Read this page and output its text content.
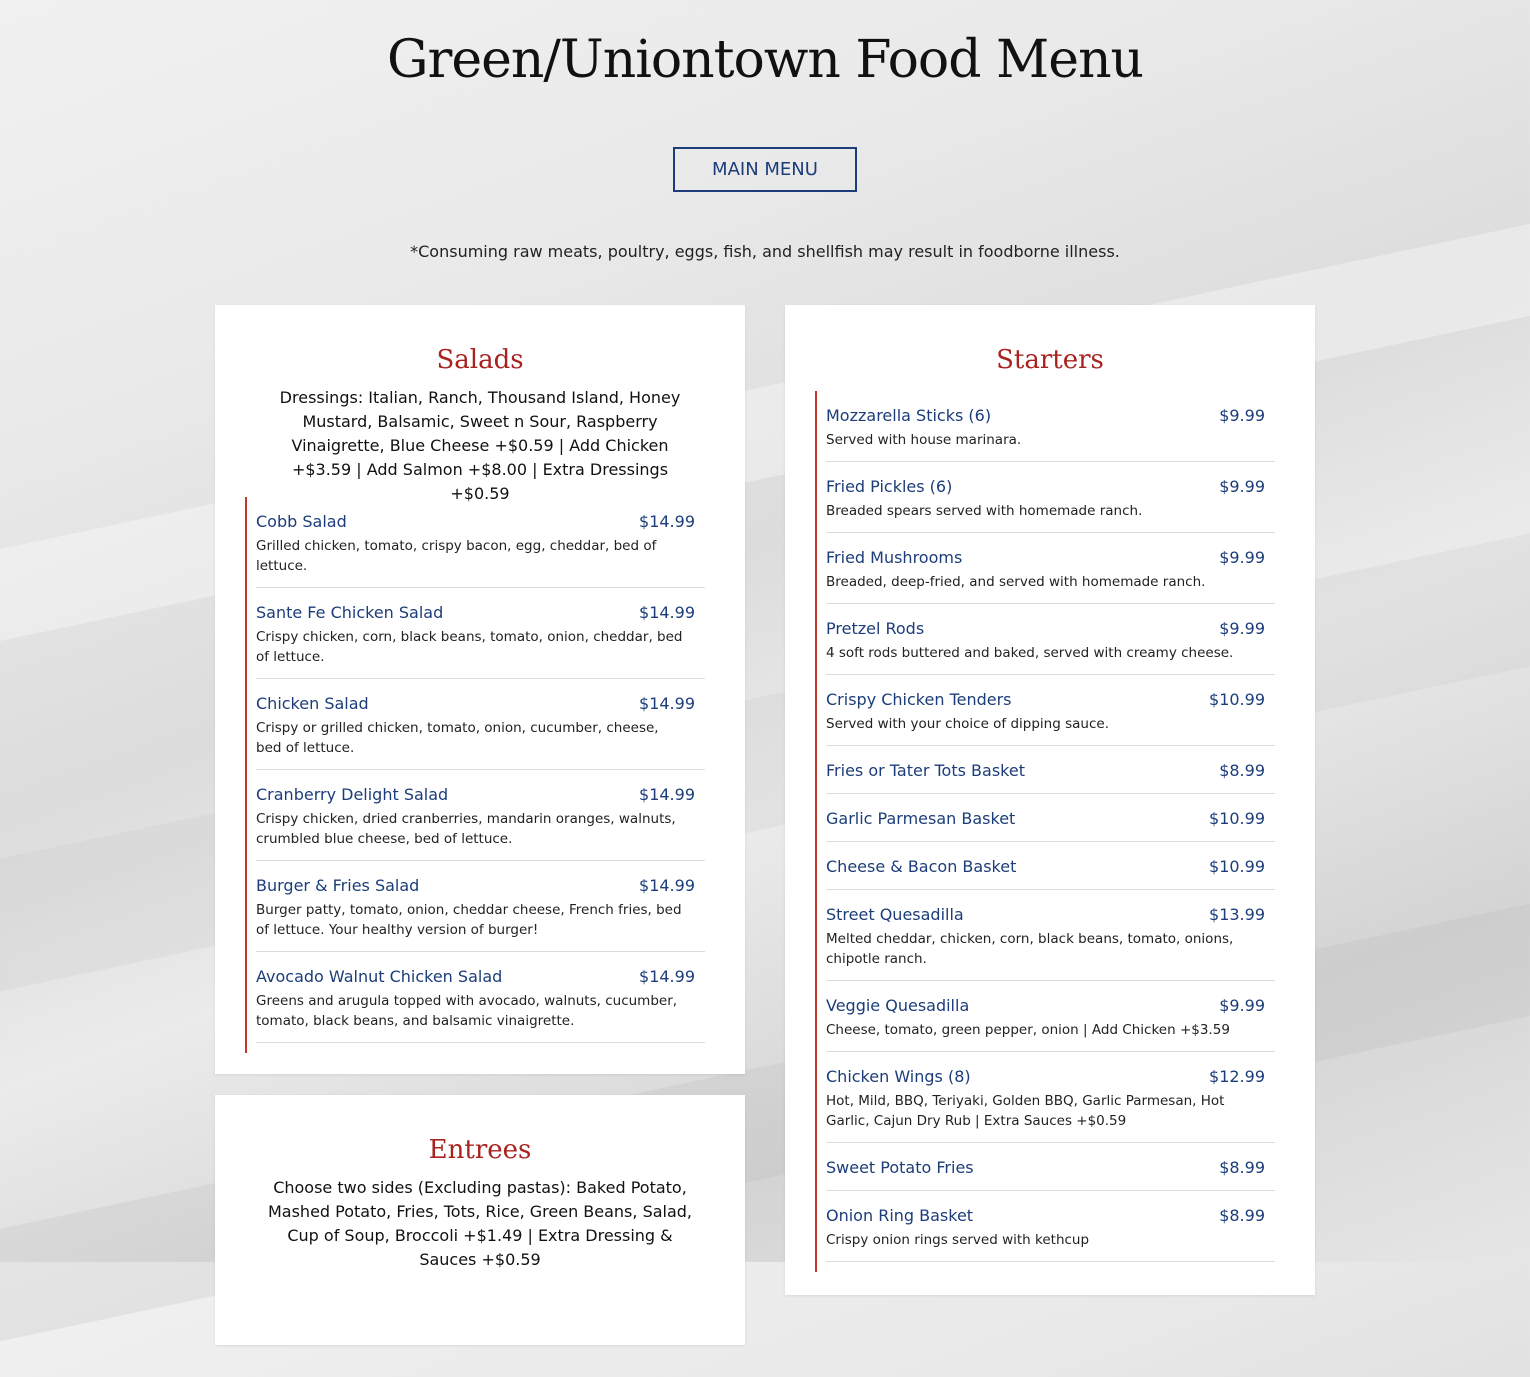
Green/Uniontown Food Menu
MAIN MENU
*Consuming raw meats, poultry, eggs, fish, and shellfish may result in foodborne illness.
Salads
Dressings: Italian, Ranch, Thousand Island, Honey Mustard, Balsamic, Sweet n Sour, Raspberry Vinaigrette, Blue Cheese +$0.59 | Add Chicken +$3.59 | Add Salmon +$8.00 | Extra Dressings +$0.59
Cobb Salad	$14.99
Grilled chicken, tomato, crispy bacon, egg, cheddar, bed of lettuce.
Sante Fe Chicken Salad	$14.99
Crispy chicken, corn, black beans, tomato, onion, cheddar, bed of lettuce.
Chicken Salad	$14.99
Crispy or grilled chicken, tomato, onion, cucumber, cheese, bed of lettuce.
Cranberry Delight Salad	$14.99
Crispy chicken, dried cranberries, mandarin oranges, walnuts, crumbled blue cheese, bed of lettuce.
Burger & Fries Salad	$14.99
Burger patty, tomato, onion, cheddar cheese, French fries, bed of lettuce. Your healthy version of burger!
Avocado Walnut Chicken Salad	$14.99
Greens and arugula topped with avocado, walnuts, cucumber, tomato, black beans, and balsamic vinaigrette.
Starters
Mozzarella Sticks (6)	$9.99
Served with house marinara.
Fried Pickles (6)	$9.99
Breaded spears served with homemade ranch.
Fried Mushrooms	$9.99
Breaded, deep-fried, and served with homemade ranch.
Pretzel Rods	$9.99
4 soft rods buttered and baked, served with creamy cheese.
Crispy Chicken Tenders	$10.99
Served with your choice of dipping sauce.
Fries or Tater Tots Basket	$8.99
Garlic Parmesan Basket	$10.99
Cheese & Bacon Basket	$10.99
Street Quesadilla	$13.99
Melted cheddar, chicken, corn, black beans, tomato, onions, chipotle ranch.
Veggie Quesadilla	$9.99
Cheese, tomato, green pepper, onion | Add Chicken +$3.59
Chicken Wings (8)	$12.99
Hot, Mild, BBQ, Teriyaki, Golden BBQ, Garlic Parmesan, Hot Garlic, Cajun Dry Rub | Extra Sauces +$0.59
Sweet Potato Fries	$8.99
Onion Ring Basket	$8.99
Crispy onion rings served with kethcup
Entrees
Choose two sides (Excluding pastas): Baked Potato, Mashed Potato, Fries, Tots, Rice, Green Beans, Salad, Cup of Soup, Broccoli +$1.49 | Extra Dressing & Sauces +$0.59
